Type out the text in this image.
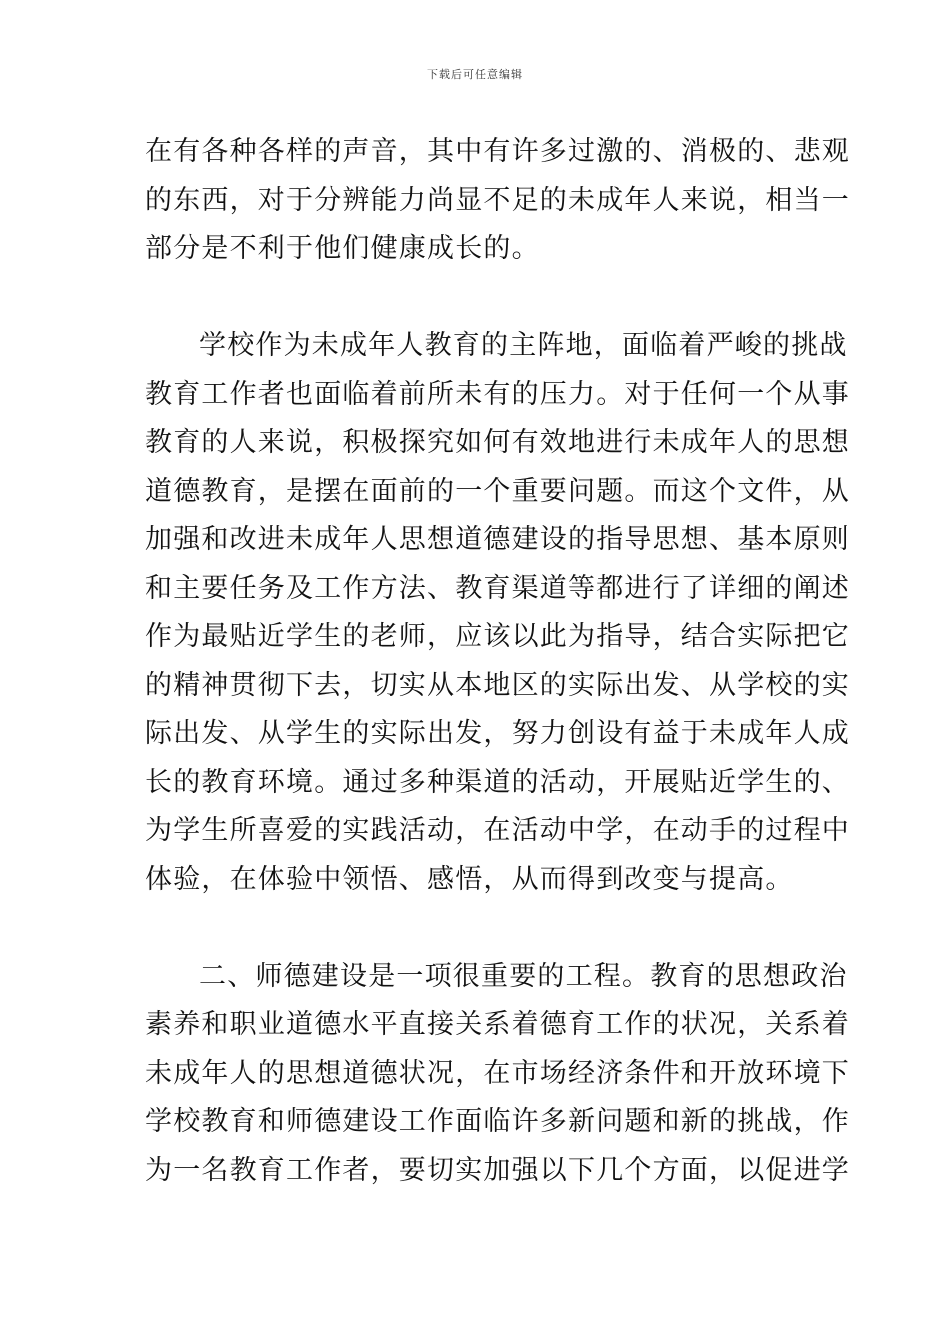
下载后可任意编辑
在有各种各样的声音，其中有许多过激的、消极的、悲观
的东西，对于分辨能力尚显不足的未成年人来说，相当一
部分是不利于他们健康成长的。
学校作为未成年人教育的主阵地，面临着严峻的挑战
教育工作者也面临着前所未有的压力。对于任何一个从事
教育的人来说，积极探究如何有效地进行未成年人的思想
道德教育，是摆在面前的一个重要问题。而这个文件，从
加强和改进未成年人思想道德建设的指导思想、基本原则
和主要任务及工作方法、教育渠道等都进行了详细的阐述
作为最贴近学生的老师，应该以此为指导，结合实际把它
的精神贯彻下去，切实从本地区的实际出发、从学校的实
际出发、从学生的实际出发，努力创设有益于未成年人成
长的教育环境。通过多种渠道的活动，开展贴近学生的、
为学生所喜爱的实践活动，在活动中学，在动手的过程中
体验，在体验中领悟、感悟，从而得到改变与提高。
二、师德建设是一项很重要的工程。教育的思想政治
素养和职业道德水平直接关系着德育工作的状况，关系着
未成年人的思想道德状况，在市场经济条件和开放环境下
学校教育和师德建设工作面临许多新问题和新的挑战，作
为一名教育工作者，要切实加强以下几个方面，以促进学
